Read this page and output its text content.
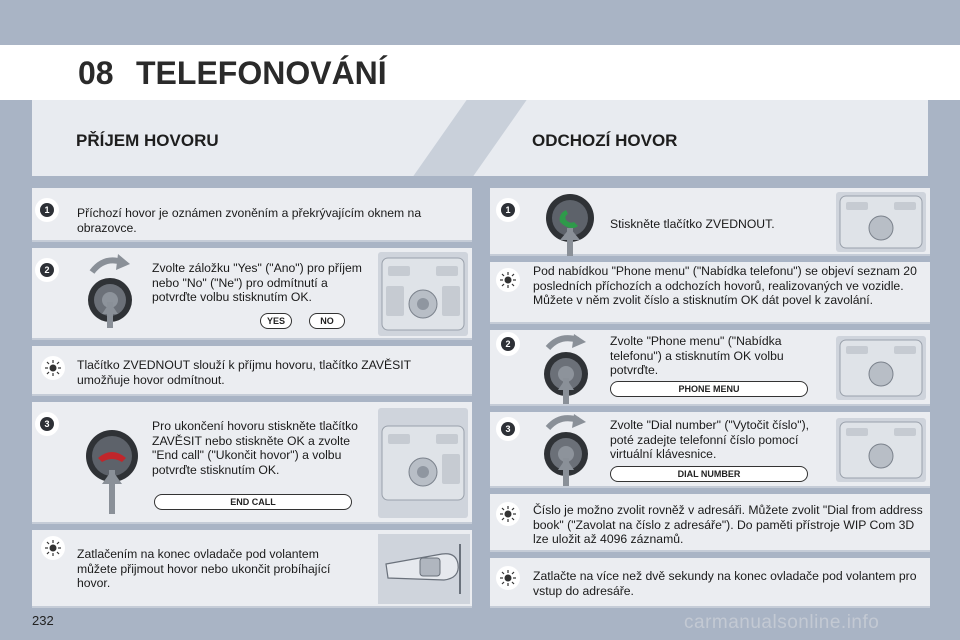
08 TELEFONOVÁNÍ
PŘÍJEM HOVORU	ODCHOZÍ HOVOR
1	Příchozí hovor je oznámen zvoněním a překrývajícím oknem na obrazovce.
2	Zvolte záložku "Yes" ("Ano") pro příjem nebo "No" ("Ne") pro odmítnutí a potvrďte volbu stisknutím OK.
YES	NO
Tlačítko ZVEDNOUT slouží k příjmu hovoru, tlačítko ZAVĚSIT umožňuje hovor odmítnout.
3	Pro ukončení hovoru stiskněte tlačítko ZAVĚSIT nebo stiskněte OK a zvolte "End call" ("Ukončit hovor") a volbu potvrďte stisknutím OK.
END CALL
Zatlačením na konec ovladače pod volantem můžete přijmout hovor nebo ukončit probíhající hovor.
1
Stiskněte tlačítko ZVEDNOUT.
Pod nabídkou "Phone menu" ("Nabídka telefonu") se objeví seznam 20 posledních příchozích a odchozích hovorů, realizovaných ve vozidle. Můžete v něm zvolit číslo a stisknutím OK dát povel k zavolání.
2	Zvolte "Phone menu" ("Nabídka telefonu") a stisknutím OK volbu potvrďte.
PHONE MENU
3	Zvolte "Dial number" ("Vytočit číslo"), poté zadejte telefonní číslo pomocí virtuální klávesnice.
DIAL NUMBER
Číslo je možno zvolit rovněž v adresáři. Můžete zvolit "Dial from address book" ("Zavolat na číslo z adresáře"). Do paměti přístroje WIP Com 3D lze uložit až 4096 záznamů.
Zatlačte na více než dvě sekundy na konec ovladače pod volantem pro vstup do adresáře.
232	carmanualsonline.info
